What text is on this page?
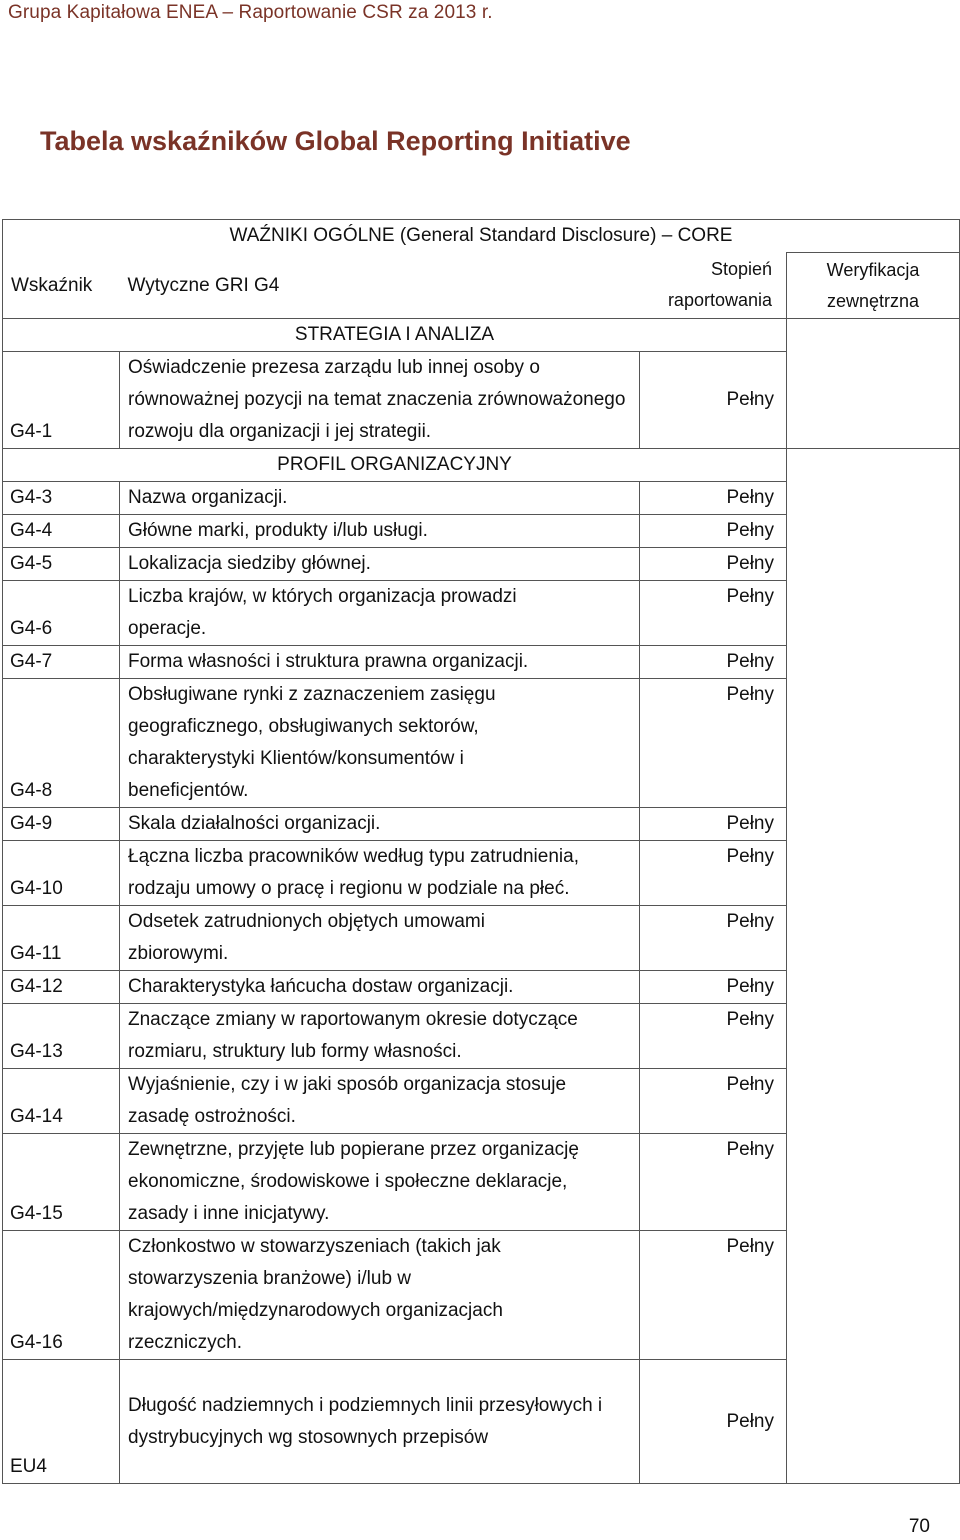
Grupa Kapitałowa ENEA – Raportowanie CSR za 2013 r.
Tabela wskaźników Global Reporting Initiative
WAŹNIKI OGÓLNE (General Standard Disclosure) – CORE			
Wskaźnik	Wytyczne GRI G4	Stopień raportowania	Weryfikacja zewnętrzna
STRATEGIA I ANALIZA			
G4-1	Oświadczenie prezesa zarządu lub innej osoby o równoważnej pozycji na temat znaczenia zrównoważonego rozwoju dla organizacji i jej strategii.	Pełny	
PROFIL ORGANIZACYJNY			
G4-3	Nazwa organizacji.	Pełny	
G4-4	Główne marki, produkty i/lub usługi.	Pełny	
G4-5	Lokalizacja siedziby głównej.	Pełny	
G4-6	Liczba krajów, w których organizacja prowadzi operacje.	Pełny	
G4-7	Forma własności i struktura prawna organizacji.	Pełny	
G4-8	Obsługiwane rynki z zaznaczeniem zasięgu geograficznego, obsługiwanych sektorów, charakterystyki Klientów/konsumentów i beneficjentów.	Pełny	
G4-9	Skala działalności organizacji.	Pełny	
G4-10	Łączna liczba pracowników według typu zatrudnienia, rodzaju umowy o pracę i regionu w podziale na płeć.	Pełny	
G4-11	Odsetek zatrudnionych objętych umowami zbiorowymi.	Pełny	
G4-12	Charakterystyka łańcucha dostaw organizacji.	Pełny	
G4-13	Znaczące zmiany w raportowanym okresie dotyczące rozmiaru, struktury lub formy własności.	Pełny	
G4-14	Wyjaśnienie, czy i w jaki sposób organizacja stosuje zasadę ostrożności.	Pełny	
G4-15	Zewnętrzne, przyjęte lub popierane przez organizację ekonomiczne, środowiskowe i społeczne deklaracje, zasady i inne inicjatywy.	Pełny	
G4-16	Członkostwo w stowarzyszeniach (takich jak stowarzyszenia branżowe) i/lub w krajowych/międzynarodowych organizacjach rzeczniczych.	Pełny	
EU4	Długość nadziemnych i podziemnych linii przesyłowych i dystrybucyjnych wg stosownych przepisów	Pełny	
70
